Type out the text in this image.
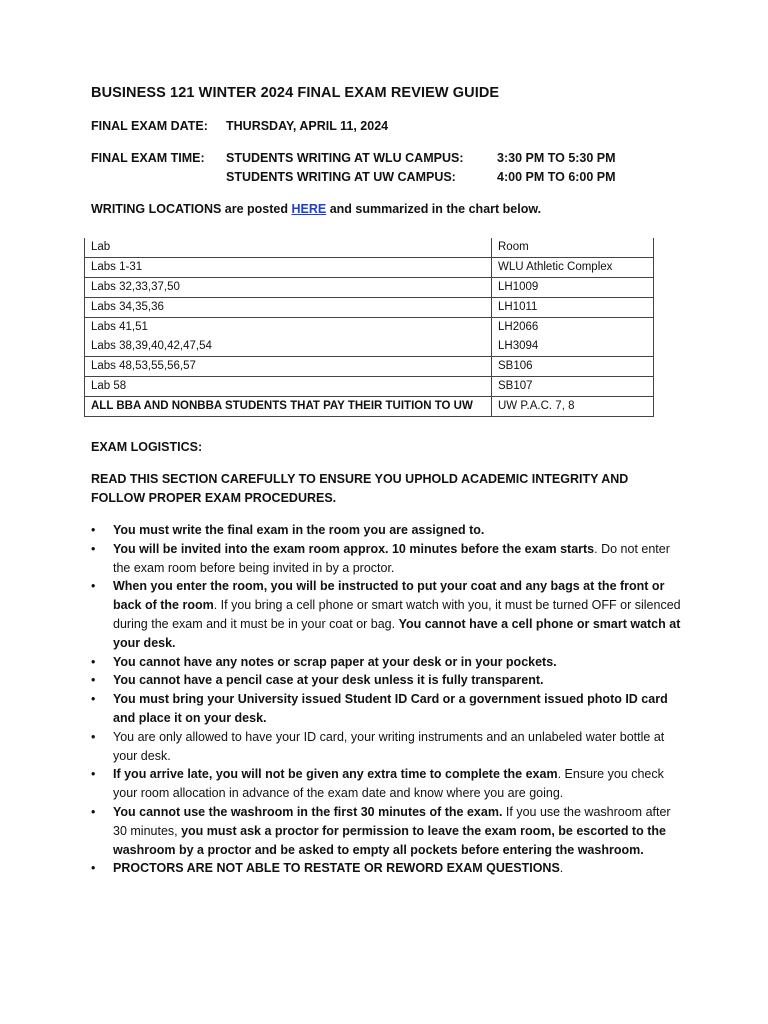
BUSINESS 121 WINTER 2024 FINAL EXAM REVIEW GUIDE
FINAL EXAM DATE: THURSDAY, APRIL 11, 2024
FINAL EXAM TIME: STUDENTS WRITING AT WLU CAMPUS:	3:30 PM TO 5:30 PM
STUDENTS WRITING AT UW CAMPUS:	4:00 PM TO 6:00 PM
WRITING LOCATIONS are posted HERE and summarized in the chart below.
Lab	Room
Labs 1-31	WLU Athletic Complex
Labs 32,33,37,50	LH1009
Labs 34,35,36	LH1011
Labs 41,51	LH2066
Labs 38,39,40,42,47,54	LH3094
Labs 48,53,55,56,57	SB106
Lab 58	SB107
ALL BBA AND NONBBA STUDENTS THAT PAY THEIR TUITION TO UW	UW P.A.C. 7, 8
EXAM LOGISTICS:
READ THIS SECTION CAREFULLY TO ENSURE YOU UPHOLD ACADEMIC INTEGRITY AND FOLLOW PROPER EXAM PROCEDURES.
• You must write the final exam in the room you are assigned to.
• You will be invited into the exam room approx. 10 minutes before the exam starts. Do not enter the exam room before being invited in by a proctor.
• When you enter the room, you will be instructed to put your coat and any bags at the front or back of the room. If you bring a cell phone or smart watch with you, it must be turned OFF or silenced during the exam and it must be in your coat or bag. You cannot have a cell phone or smart watch at your desk.
• You cannot have any notes or scrap paper at your desk or in your pockets.
• You cannot have a pencil case at your desk unless it is fully transparent.
• You must bring your University issued Student ID Card or a government issued photo ID card and place it on your desk.
• You are only allowed to have your ID card, your writing instruments and an unlabeled water bottle at your desk.
• If you arrive late, you will not be given any extra time to complete the exam. Ensure you check your room allocation in advance of the exam date and know where you are going.
• You cannot use the washroom in the first 30 minutes of the exam. If you use the washroom after 30 minutes, you must ask a proctor for permission to leave the exam room, be escorted to the washroom by a proctor and be asked to empty all pockets before entering the washroom.
• PROCTORS ARE NOT ABLE TO RESTATE OR REWORD EXAM QUESTIONS.
